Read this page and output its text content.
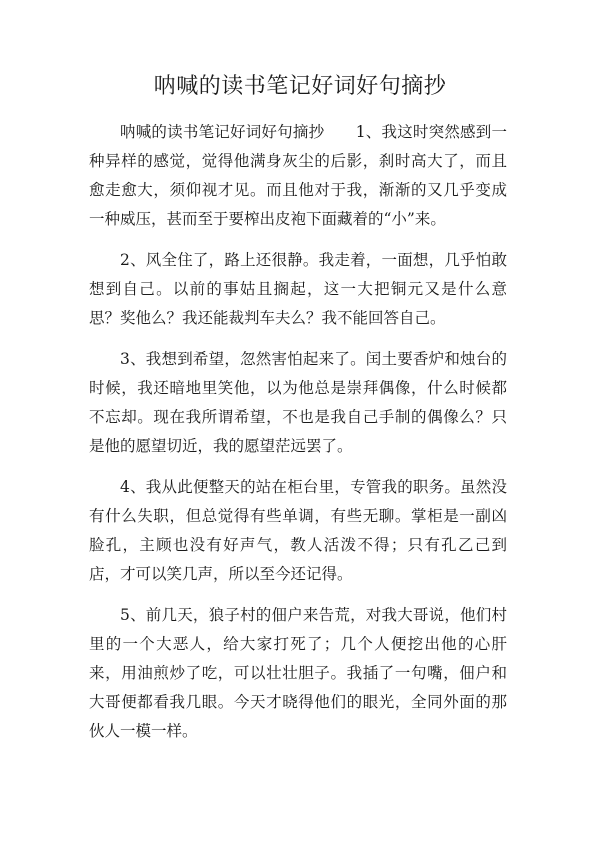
呐喊的读书笔记好词好句摘抄

呐喊的读书笔记好词好句摘抄　　1、我这时突然感到一种异样的感觉，觉得他满身灰尘的后影，刹时高大了，而且愈走愈大，须仰视才见。而且他对于我，渐渐的又几乎变成一种威压，甚而至于要榨出皮袍下面藏着的“小”来。

2、风全住了，路上还很静。我走着，一面想，几乎怕敢想到自己。以前的事姑且搁起，这一大把铜元又是什么意思？奖他么？我还能裁判车夫么？我不能回答自己。

3、我想到希望，忽然害怕起来了。闰土要香炉和烛台的时候，我还暗地里笑他，以为他总是崇拜偶像，什么时候都不忘却。现在我所谓希望，不也是我自己手制的偶像么？只是他的愿望切近，我的愿望茫远罢了。

4、我从此便整天的站在柜台里，专管我的职务。虽然没有什么失职，但总觉得有些单调，有些无聊。掌柜是一副凶脸孔，主顾也没有好声气，教人活泼不得；只有孔乙己到店，才可以笑几声，所以至今还记得。

5、前几天，狼子村的佃户来告荒，对我大哥说，他们村里的一个大恶人，给大家打死了；几个人便挖出他的心肝来，用油煎炒了吃，可以壮壮胆子。我插了一句嘴，佃户和大哥便都看我几眼。今天才晓得他们的眼光，全同外面的那伙人一模一样。
